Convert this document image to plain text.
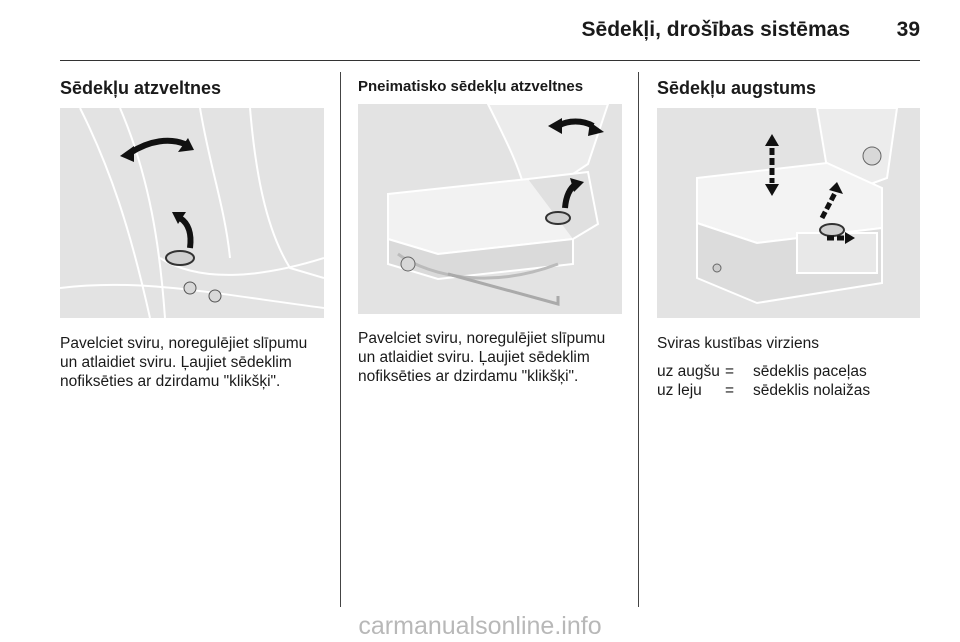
Sēdekļi, drošības sistēmas	39
Sēdekļu atzveltnes
Pavelciet sviru, noregulējiet slīpumu
un atlaidiet sviru. Ļaujiet sēdeklim
nofiksēties ar dzirdamu "klikšķi".
Pneimatisko sēdekļu atzveltnes
Pavelciet sviru, noregulējiet slīpumu
un atlaidiet sviru. Ļaujiet sēdeklim
nofiksēties ar dzirdamu "klikšķi".
Sēdekļu augstums
Sviras kustības virziens
uz augšu = sēdeklis paceļas
uz leju = sēdeklis nolaižas
carmanualsonline.info
